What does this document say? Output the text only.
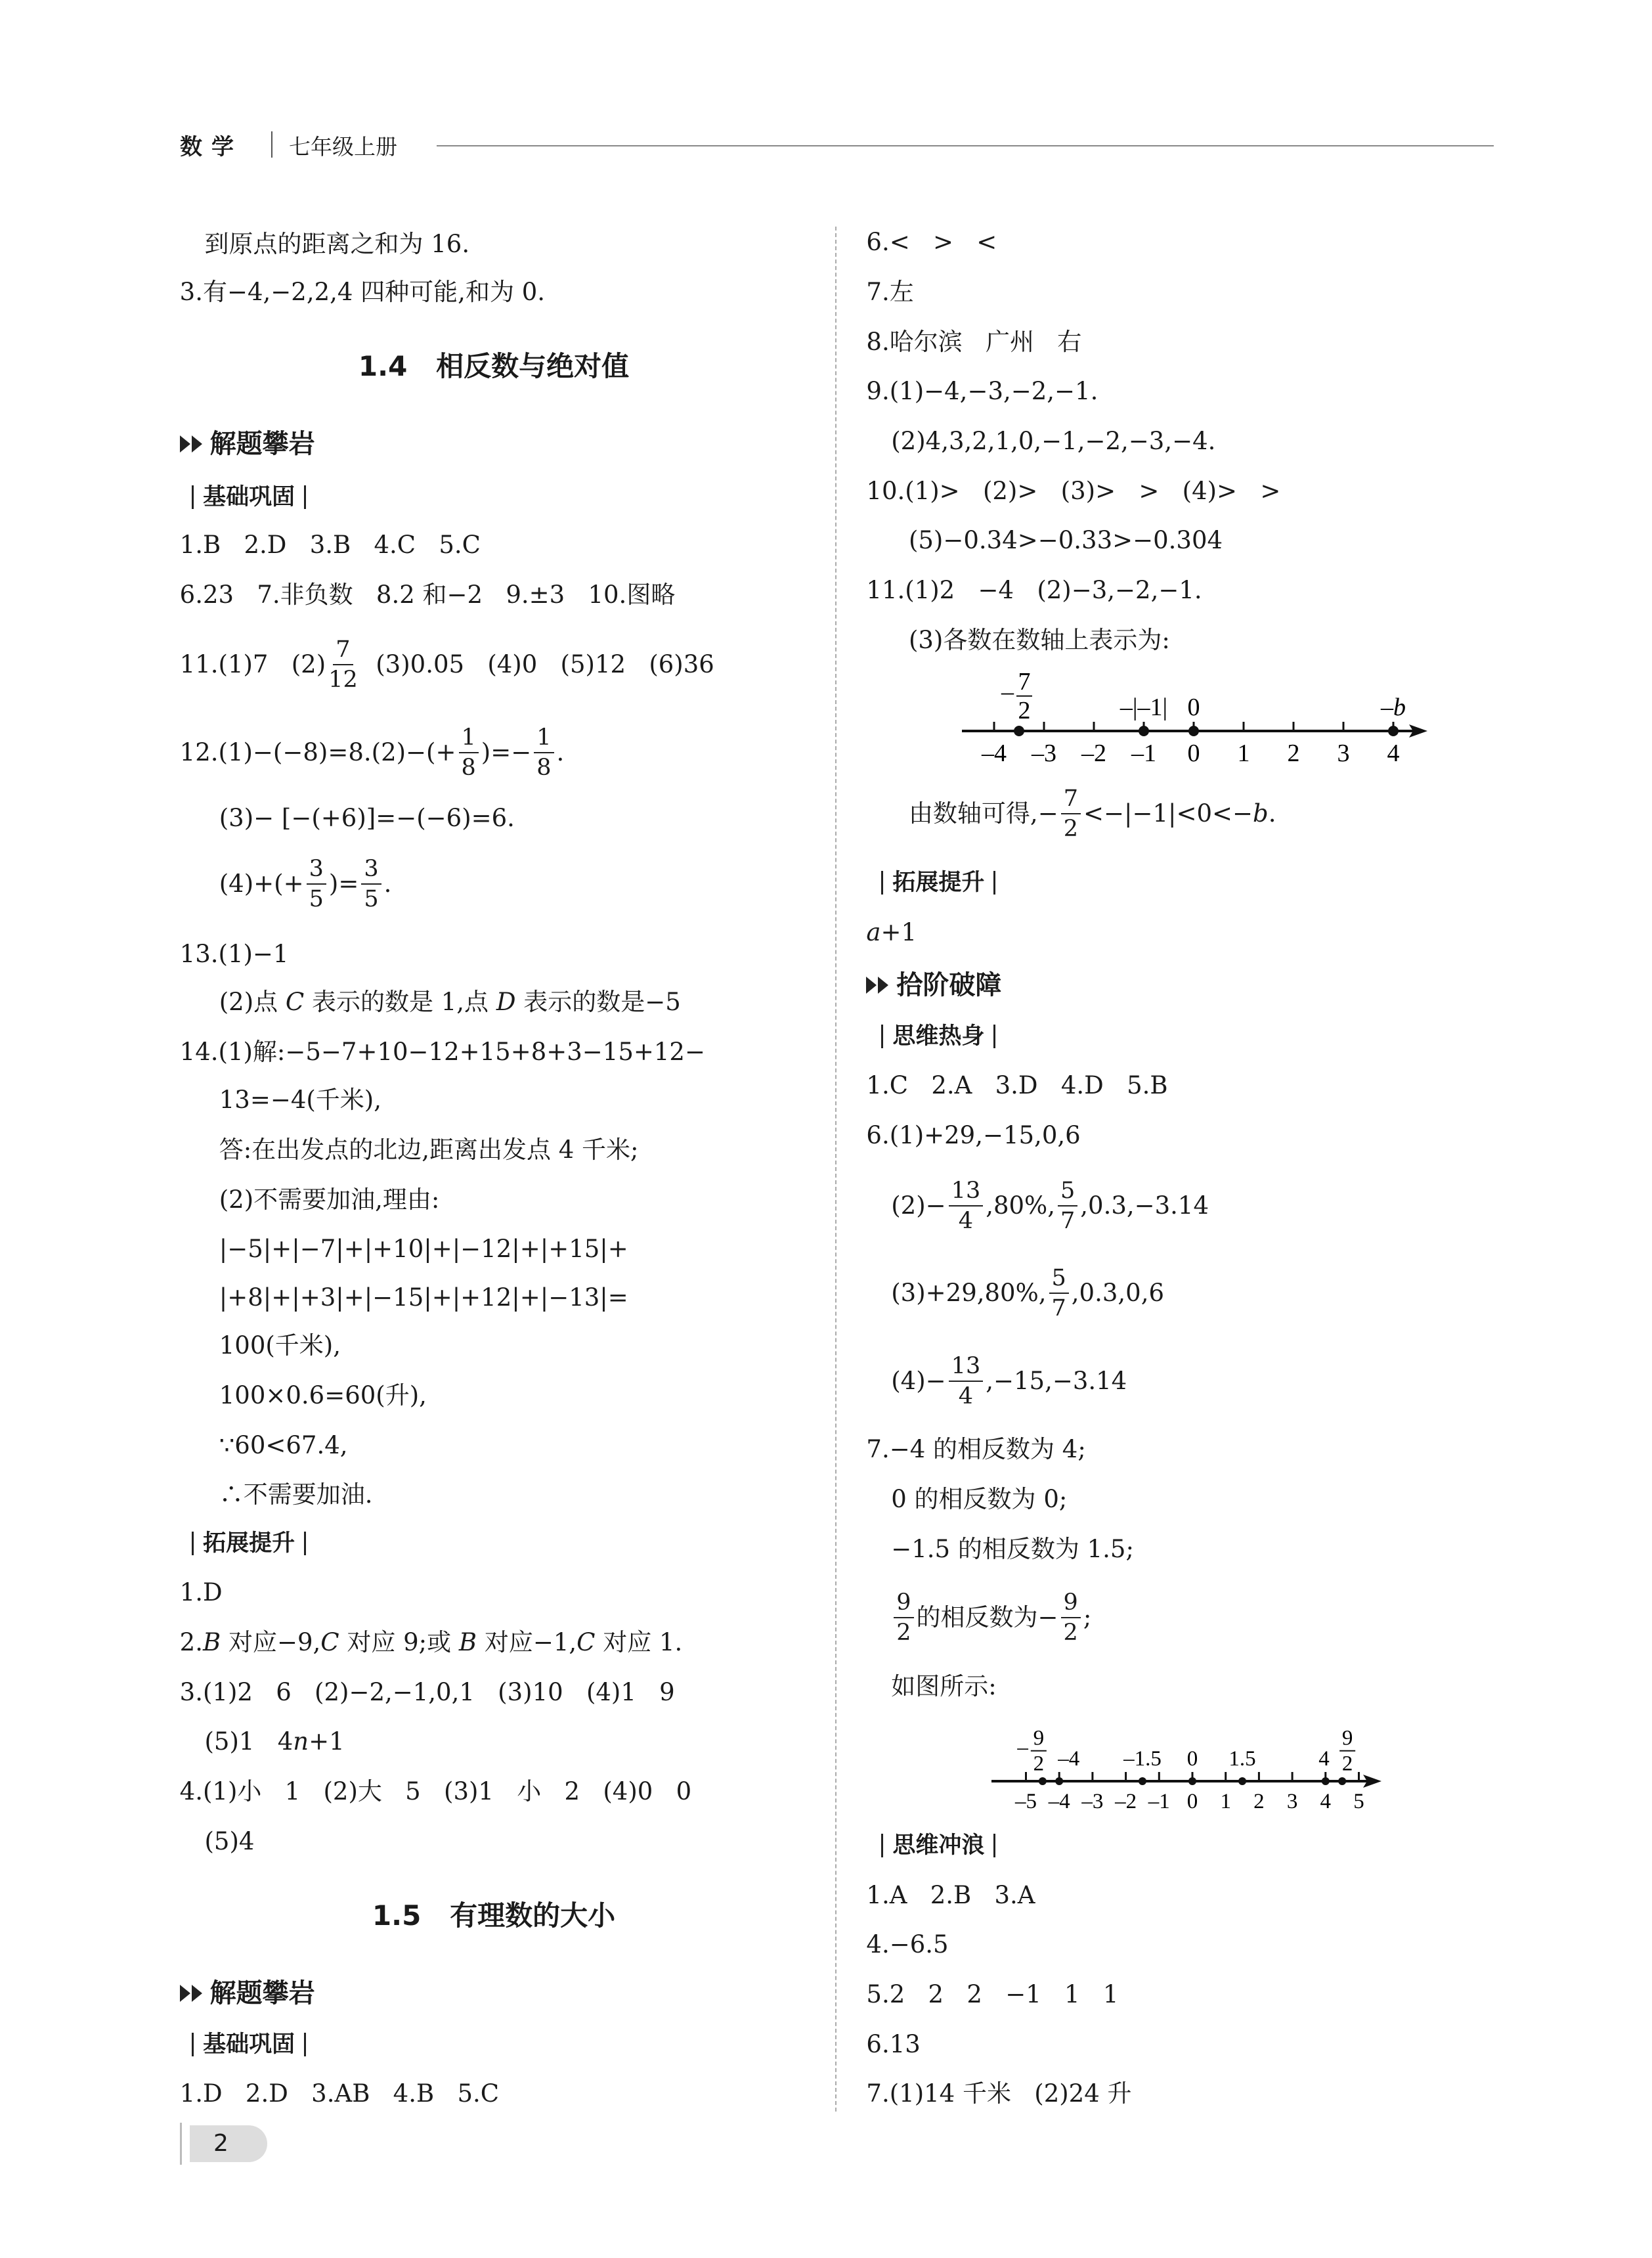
数学 七年级上册
到原点的距离之和为 16.
3.有−4,−2,2,4 四种可能,和为 0.
1.4   相反数与绝对值
解题攀岩
基础巩固
1.B   2.D   3.B   4.C   5.C
6.23   7.非负数   8.2 和−2   9.±3   10.图略
11.(1)7   $(2) \frac{7}{12} (3)0.05$   (4)0   (5)12   (6)36
$12.(1)-(-8)=8.(2)-(+ \frac{1}{8}$ )=− $\frac{1}{8}$ .
(3)− [−(+6)]=−(−6)=6.
$(4)+(+ \frac{3}{5}$ )= $\frac{3}{5}$ .
13.(1)−1
(2)点 C 表示的数是 1,点 D 表示的数是−5
14.(1)解:−5−7+10−12+15+8+3−15+12−
13=−4(千米),
答:在出发点的北边,距离出发点 4 千米;
(2)不需要加油,理由:
|−5|+|−7|+|+10|+|−12|+|+15|+
|+8|+|+3|+|−15|+|+12|+|−13|=
100(千米),
100×0.6=60(升),
∵60<67.4,
∴不需要加油.
拓展提升
1.D
2. B 对应−9, C 对应 9;或 B 对应−1, C 对应 1.
3.(1)2   6   (2)−2,−1,0,1   (3)10   (4)1   9
(5)1   4 n +1
4.(1)小   1   (2)大   5   (3)1   小   2   (4)0   0
(5)4
1.5   有理数的大小
解题攀岩
基础巩固
1.D   2.D   3.AB   4.B   5.C
6.<   >   <
7.左
8.哈尔滨   广州   右
9.(1)−4,−3,−2,−1.
(2)4,3,2,1,0,−1,−2,−3,−4.
10.(1)>   (2)>   (3)>   >   (4)>   >
(5)−0.34>−0.33>−0.304
11.(1)2   −4   (2)−3,−2,−1.
(3)各数在数轴上表示为:
由数轴可得,− $\frac{7}{2} <-|-1|<0<- b$ .
拓展提升
a +1
拾阶破障
思维热身
1.C   2.A   3.D   4.D   5.B
6.(1)+29,−15,0,6
$(2)- \frac{13}{4} ,80\%$, $\frac{5}{7} ,0.3,-3.14$
(3)+29,80%, $\frac{5}{7} ,0.3,0,6$
$(4)- \frac{13}{4} ,-15,-3.14$
7.−4 的相反数为 4;
0 的相反数为 0;
−1.5 的相反数为 1.5;
$\frac{9}{2}$ 的相反数为− $\frac{9}{2}$ ;
如图所示:
思维冲浪
1.A   2.B   3.A
4.−6.5
5.2   2   2   −1   1   1
6.13
7.(1)14 千米   (2)24 升
–4 –3 –2 –1 0 1 2 3 4
7
2
–
–|–1| 0	–b
–5 –4 –3 –2 –1 0 1 2 3 4 5
9
2
– –4 –1.5 0 1.5	4
9
2
2
